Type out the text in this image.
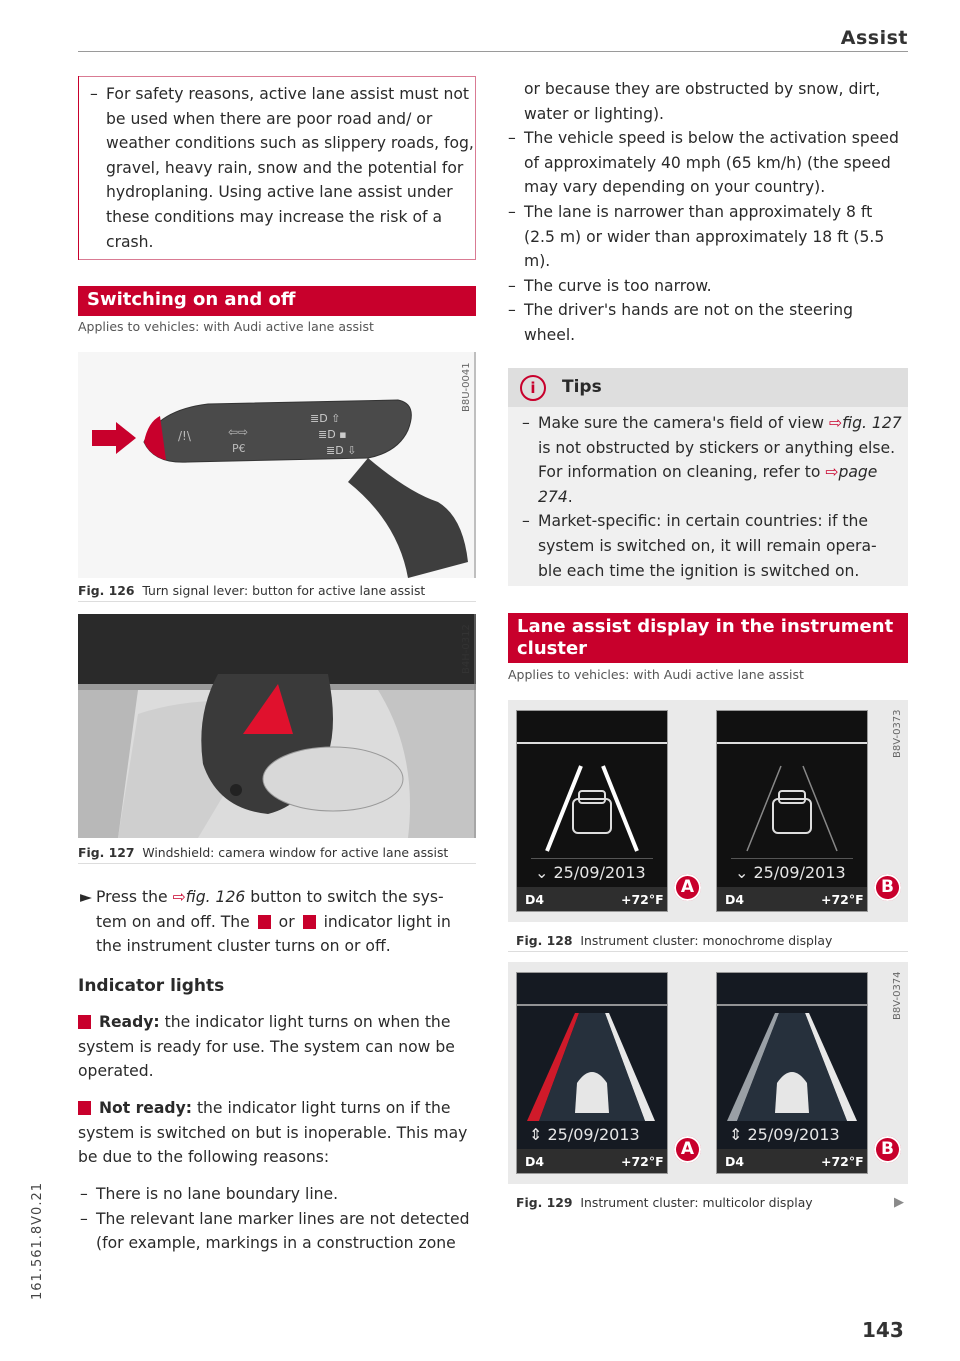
Assist
– For safety reasons, active lane assist must not be used when there are poor road and/ or weather conditions such as slippery roads, fog, gravel, heavy rain, snow and the potential for hydroplaning. Using active lane assist under these conditions may increase the risk of a crash.
Switching on and off
Applies to vehicles: with Audi active lane assist
/!\	⇦⇨
P€
≣D ⇧
≣D ▪
≣D ⇩
B8U-0041
Fig. 126 Turn signal lever: button for active lane assist
B4H-0312
Fig. 127 Windshield: camera window for active lane assist
► Press the ⇨fig. 126 button to switch the sys- tem on and off. The or indicator light in the instrument cluster turns on or off.
Indicator lights
Ready: the indicator light turns on when the system is ready for use. The system can now be operated.
Not ready: the indicator light turns on if the system is switched on but is inoperable. This may be due to the following reasons:
– There is no lane boundary line.
– The relevant lane marker lines are not detected (for example, markings in a construction zone
or because they are obstructed by snow, dirt, water or lighting).
– The vehicle speed is below the activation speed of approximately 40 mph (65 km/h) (the speed may vary depending on your country).
– The lane is narrower than approximately 8 ft (2.5 m) or wider than approximately 18 ft (5.5 m).
– The curve is too narrow.
– The driver's hands are not on the steering wheel.
i	Tips
– Make sure the camera's field of view ⇨fig. 127 is not obstructed by stickers or anything else. For information on cleaning, refer to ⇨page 274.
– Market-specific: in certain countries: if the system is switched on, it will remain opera- ble each time the ignition is switched on.
Lane assist display in the instrument cluster
Applies to vehicles: with Audi active lane assist
⌄ 25/09/2013
D4	+72°F
A
⌄ 25/09/2013
D4	+72°F
B
B8V-0373
Fig. 128 Instrument cluster: monochrome display
⇕ 25/09/2013
D4	+72°F
A
⇕ 25/09/2013
D4	+72°F
B
B8V-0374
Fig. 129 Instrument cluster: multicolor display	▶
143
161.561.8V0.21
